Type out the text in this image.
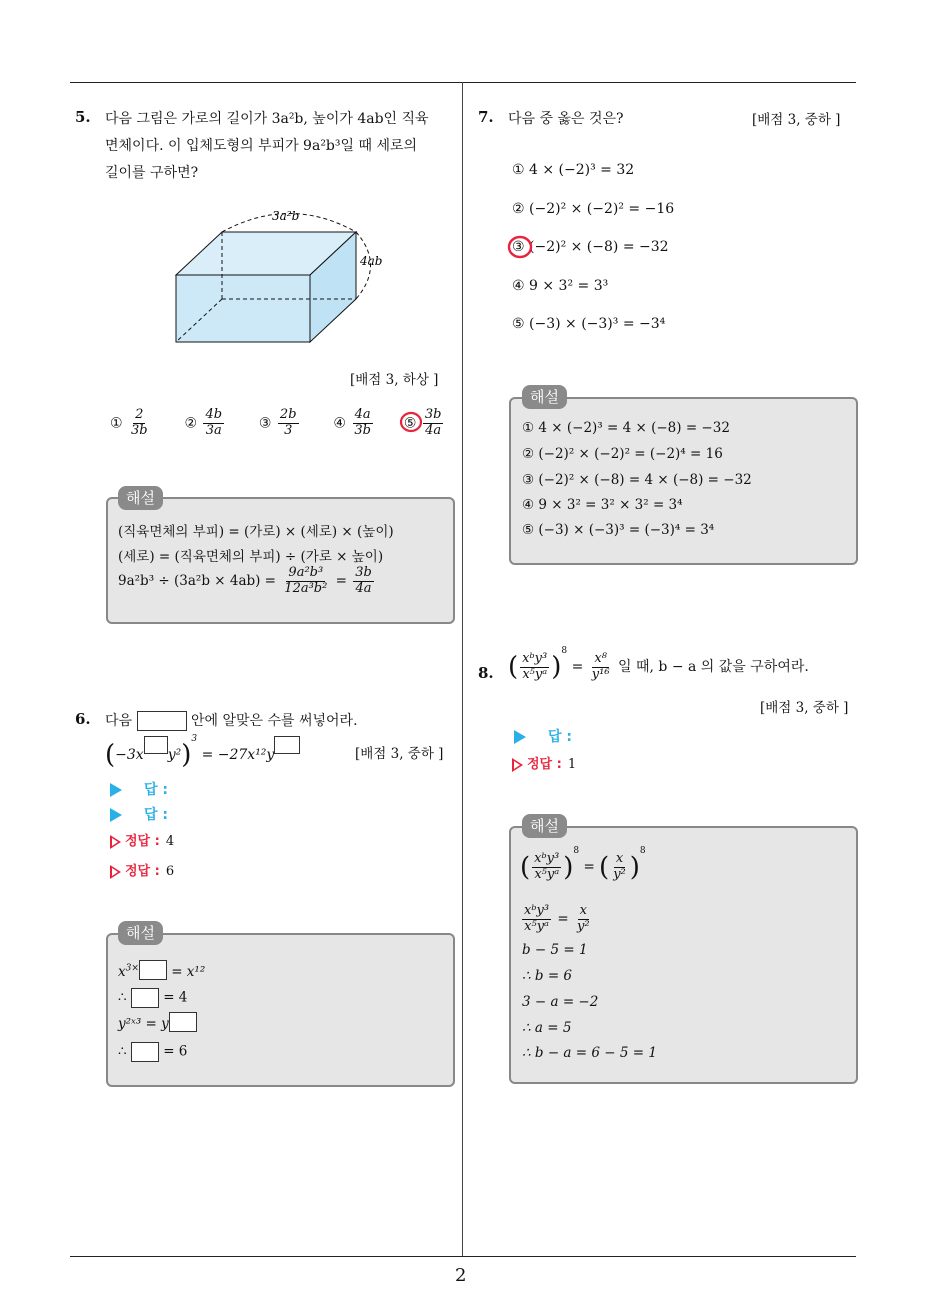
2
5. 다음 그림은 가로의 길이가 3a²b, 높이가 4ab인 직육
면체이다. 이 입체도형의 부피가 9a²b³일 때 세로의
길이를 구하면?
3a²b
4ab
[배점 3, 하상 ]
① $\frac{2}{3b}$ ② $\frac{4b}{3a}$ ③ $\frac{2b}{3}$ ④ $\frac{4a}{3b}$
⑤ $\frac{3b}{4a}$
해설
(직육면체의 부피) = (가로) × (세로) × (높이)
(세로) = (직육면체의 부피) ÷ (가로 × 높이)
$9a^2b^3 \div (3a^2b \times 4ab) = \frac{\text{9a²b³}}{\text{12a³b²}} = \frac{3b}{4a}$
6. 다음	안에 알맞은 수를 써넣어라.
(−3x y²)$^3$ = −27x¹²y	[배점 3, 중하 ]
답 :
답 :
정답 : 4
정답 : 6
해설
$x^{3\times} = x^{12}$
∴	= 4
y²ˣ³ = y
∴	= 6
7. 다음 중 옳은 것은?	[배점 3, 중하 ]
① 4 × (−2)³ = 32
② (−2)² × (−2)² = −16
③ (−2)² × (−8) = −32
④ 9 × 3² = 3³
⑤ (−3) × (−3)³ = −3⁴
해설
① 4 × (−2)³ = 4 × (−8) = −32
② (−2)² × (−2)² = (−2)⁴ = 16
③ (−2)² × (−8) = 4 × (−8) = −32
④ 9 × 3² = 3² × 3² = 3⁴
⑤ (−3) × (−3)³ = (−3)⁴ = 3⁴
8. ( $\frac{\text{xᵇy³}}{\text{x⁵yᵃ}} )^8 = \frac{\text{x⁸}}{\text{y¹⁶}}$ 일 때, b − a 의 값을 구하여라.
[배점 3, 중하 ]
답 :
정답 : 1
해설
( $\frac{\text{xᵇy³}}{\text{x⁵yᵃ}} )^8$ = ( $\frac{x}{\text{y²}} )^8$
$\frac{\text{xᵇy³}}{\text{x⁵yᵃ}} = \frac{x}{\text{y²}}$
b − 5 = 1
∴ b = 6
3 − a = −2
∴ a = 5
∴ b − a = 6 − 5 = 1
